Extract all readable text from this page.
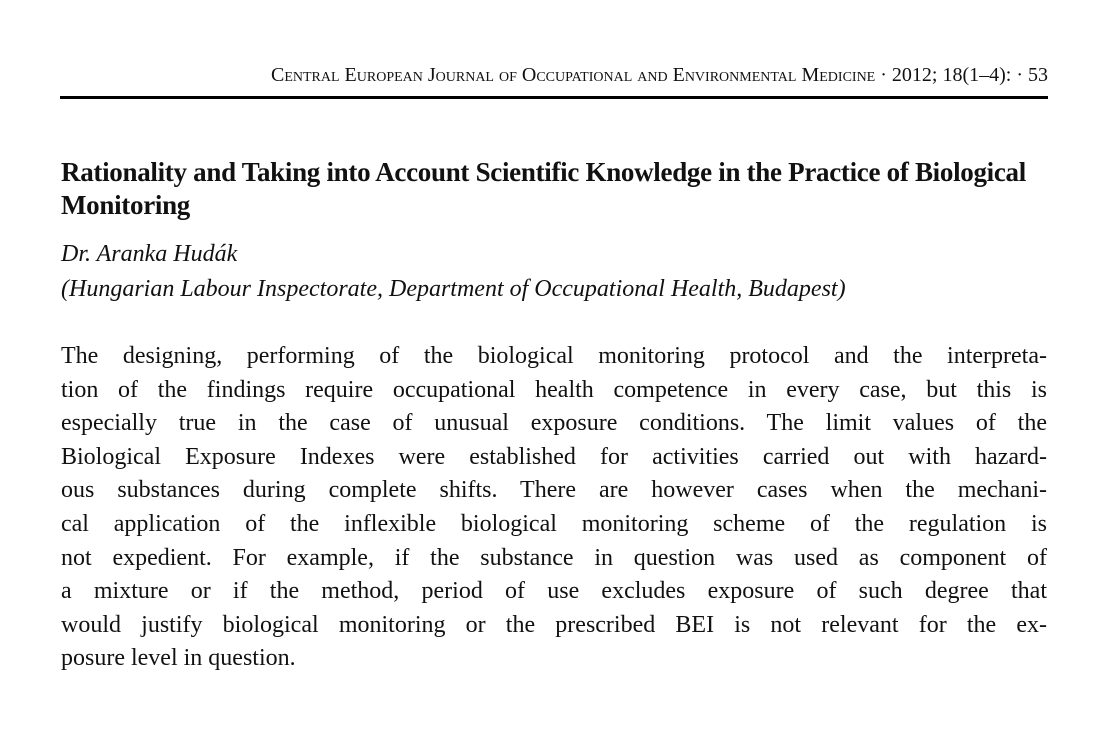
Central European Journal of Occupational and Environmental Medicine · 2012; 18(1–4): · 53
Rationality and Taking into Account Scientific Knowledge in the Practice of Biological Monitoring
Dr. Aranka Hudák
(Hungarian Labour Inspectorate, Department of Occupational Health, Budapest)
The designing, performing of the biological monitoring protocol and the interpreta-
tion of the findings require occupational health competence in every case, but this is
especially true in the case of unusual exposure conditions. The limit values of the
Biological Exposure Indexes were established for activities carried out with hazard-
ous substances during complete shifts. There are however cases when the mechani-
cal application of the inflexible biological monitoring scheme of the regulation is
not expedient. For example, if the substance in question was used as component of
a mixture or if the method, period of use excludes exposure of such degree that
would justify biological monitoring or the prescribed BEI is not relevant for the ex-
posure level in question.
